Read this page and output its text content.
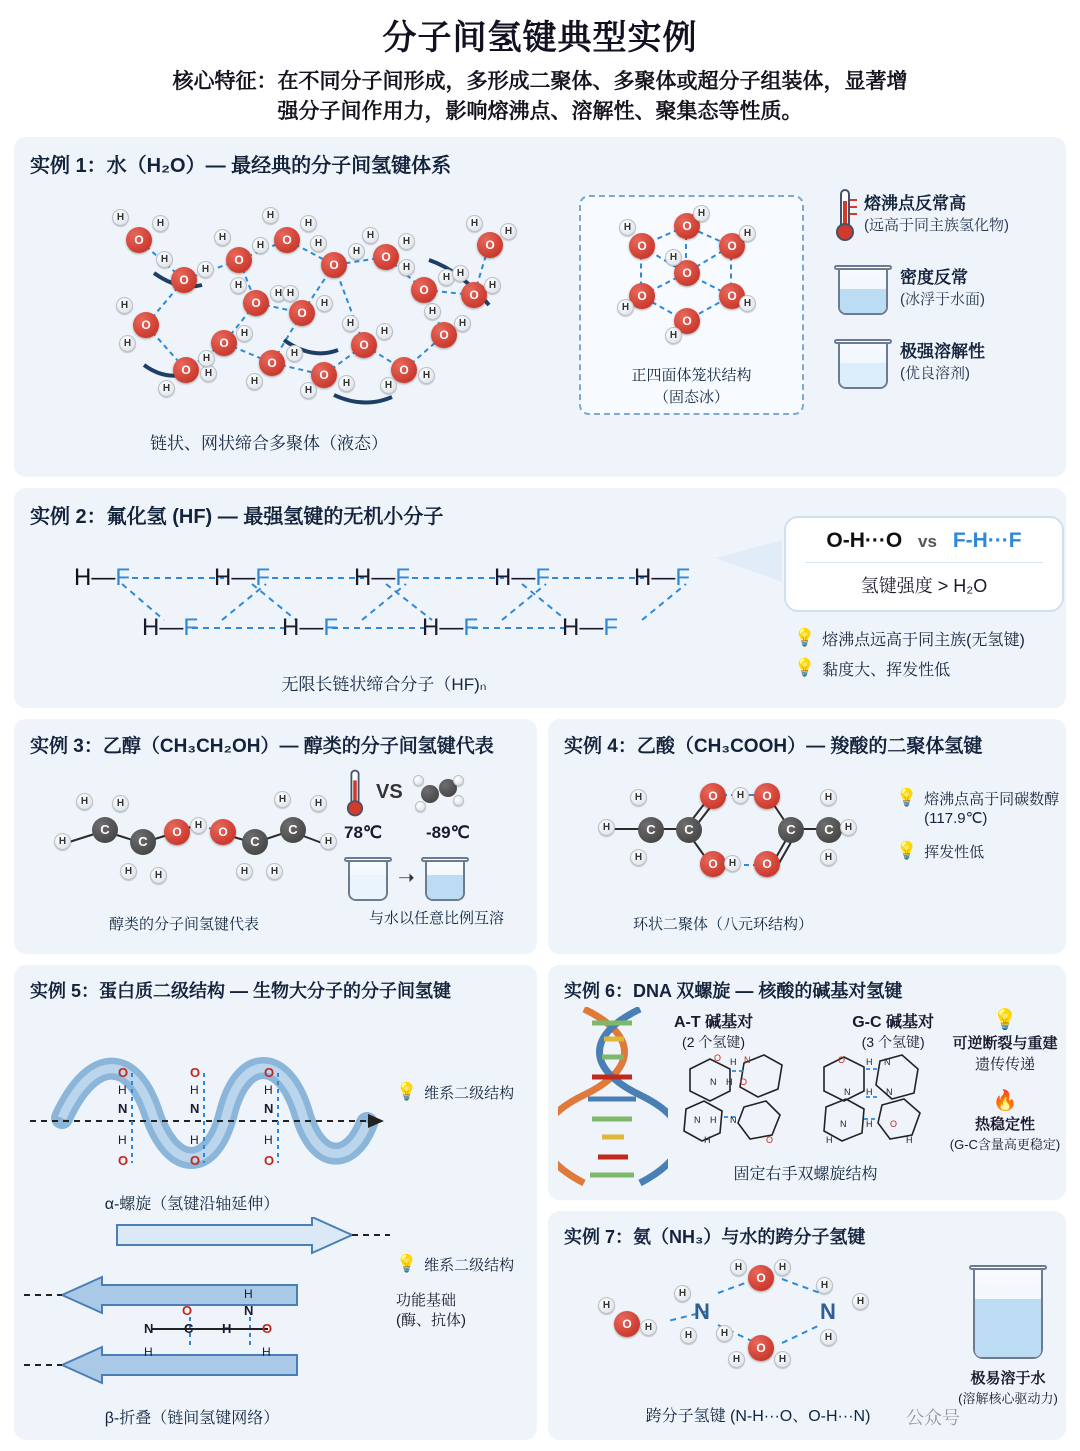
分子间氢键典型实例
核心特征：在不同分子间形成，多形成二聚体、多聚体或超分子组装体，显著增
强分子间作用力，影响熔沸点、溶解性、聚集态等性质。
实例 1：水（H₂O）— 最经典的分子间氢键体系
O
H
H
O
H
H
O
H
H
O
H
H
O
H
H	O
H
H
O
H
H
O
H
H
O
H
H
O
H
H
O
H
H
O
H
H
O
H
H
O
H
H
O
H
H
O
H
H
O
H
H	O
H
H
O
H
H
链状、网状缔合多聚体（液态）
O
H	O
H
O
H
O
H
O
H
O
H
O
H
正四面体笼状结构
（固态冰）
熔沸点反常高
(远高于同主族氢化物)
密度反常
(冰浮于水面)
极强溶解性
(优良溶剂)
实例 2：氟化氢 (HF) — 最强氢键的无机小分子
H—F	H—F	H—F	H—F	H—F
H—F	H—F	H—F	H—F
无限长链状缔合分子（HF)ₙ
O-H···O vs F-H···F
氢键强度 > H₂O
💡 熔沸点远高于同主族(无氢键)
💡 黏度大、挥发性低
实例 3：乙醇（CH₃CH₂OH）— 醇类的分子间氢键代表
C
C	C
C
O	O
H
H	H
H	H
H
H	H
H	H
H
醇类的分子间氢键代表
VS
78℃	-89℃
➝
与水以任意比例互溶
实例 4：乙酸（CH₃COOH）— 羧酸的二聚体氢键
C	C	C	C
O
O
O
O
H
H
H
H
H
H
H
H
环状二聚体（八元环结构）
💡 熔沸点高于同碳数醇
(117.9℃)
💡 挥发性低
实例 5：蛋白质二级结构 — 生物大分子的分子间氢键
O	O	O
O	O	O
N	N	N
H	H	H
H	H	H
α-螺旋（氢键沿轴延伸）
💡 维系二级结构
O	N
N C H O
H
H
H
β-折叠（链间氢键网络）
💡 维系二级结构
功能基础
(酶、抗体)
实例 6：DNA 双螺旋 — 核酸的碱基对氢键
A-T 碱基对
(2 个氢键)
G-C 碱基对
(3 个氢键)
O H N
N H O
N H N
H	O
O H N
N H N
N H O
H	H
固定右手双螺旋结构
💡
可逆断裂与重建
遗传传递
🔥
热稳定性
(G-C含量高更稳定)
实例 7：氨（NH₃）与水的跨分子氢键
O
H	H
O
H	H
N
H
H	H
N
H
H
H
O
H
H
跨分子氢键 (N-H···O、O-H···N)
极易溶于水
(溶解核心驱动力)
公众号
